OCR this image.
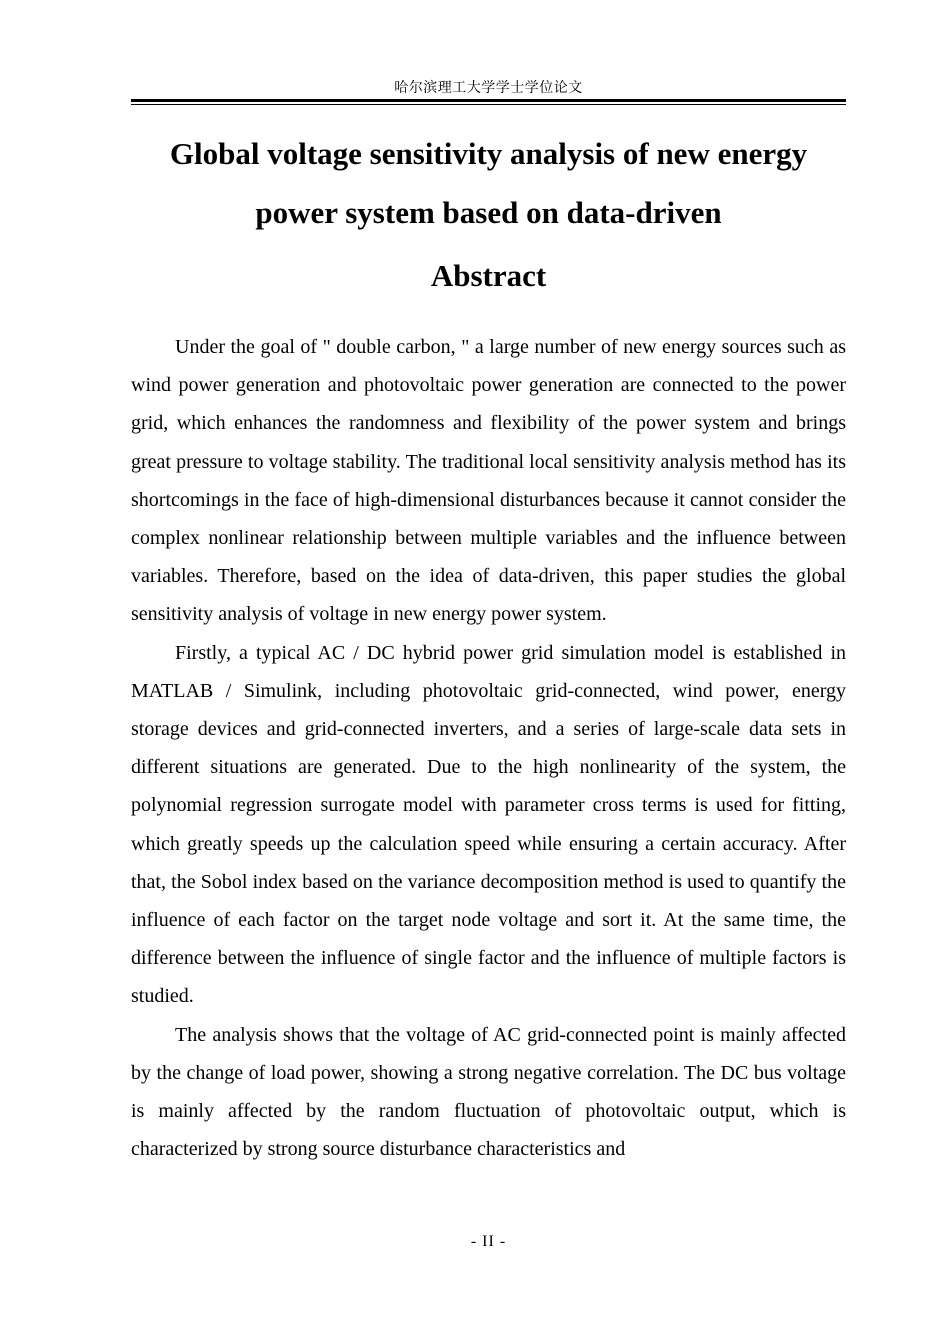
哈尔滨理工大学学士学位论文
Global voltage sensitivity analysis of new energy
power system based on data-driven
Abstract

Under the goal of " double carbon, " a large number of new energy sources such as wind power generation and photovoltaic power generation are connected to the power grid, which enhances the randomness and flexibility of the power system and brings great pressure to voltage stability. The traditional local sensitivity analysis method has its shortcomings in the face of high-dimensional disturbances because it cannot consider the complex nonlinear relationship between multiple variables and the influence between variables. Therefore, based on the idea of data-driven, this paper studies the global sensitivity analysis of voltage in new energy power system.

Firstly, a typical AC / DC hybrid power grid simulation model is established in MATLAB / Simulink, including photovoltaic grid-connected, wind power, energy storage devices and grid-connected inverters, and a series of large-scale data sets in different situations are generated. Due to the high nonlinearity of the system, the polynomial regression surrogate model with parameter cross terms is used for fitting, which greatly speeds up the calculation speed while ensuring a certain accuracy. After that, the Sobol index based on the variance decomposition method is used to quantify the influence of each factor on the target node voltage and sort it. At the same time, the difference between the influence of single factor and the influence of multiple factors is studied.

The analysis shows that the voltage of AC grid-connected point is mainly affected by the change of load power, showing a strong negative correlation. The DC bus voltage is mainly affected by the random fluctuation of photovoltaic output, which is characterized by strong source disturbance characteristics and

- II -
